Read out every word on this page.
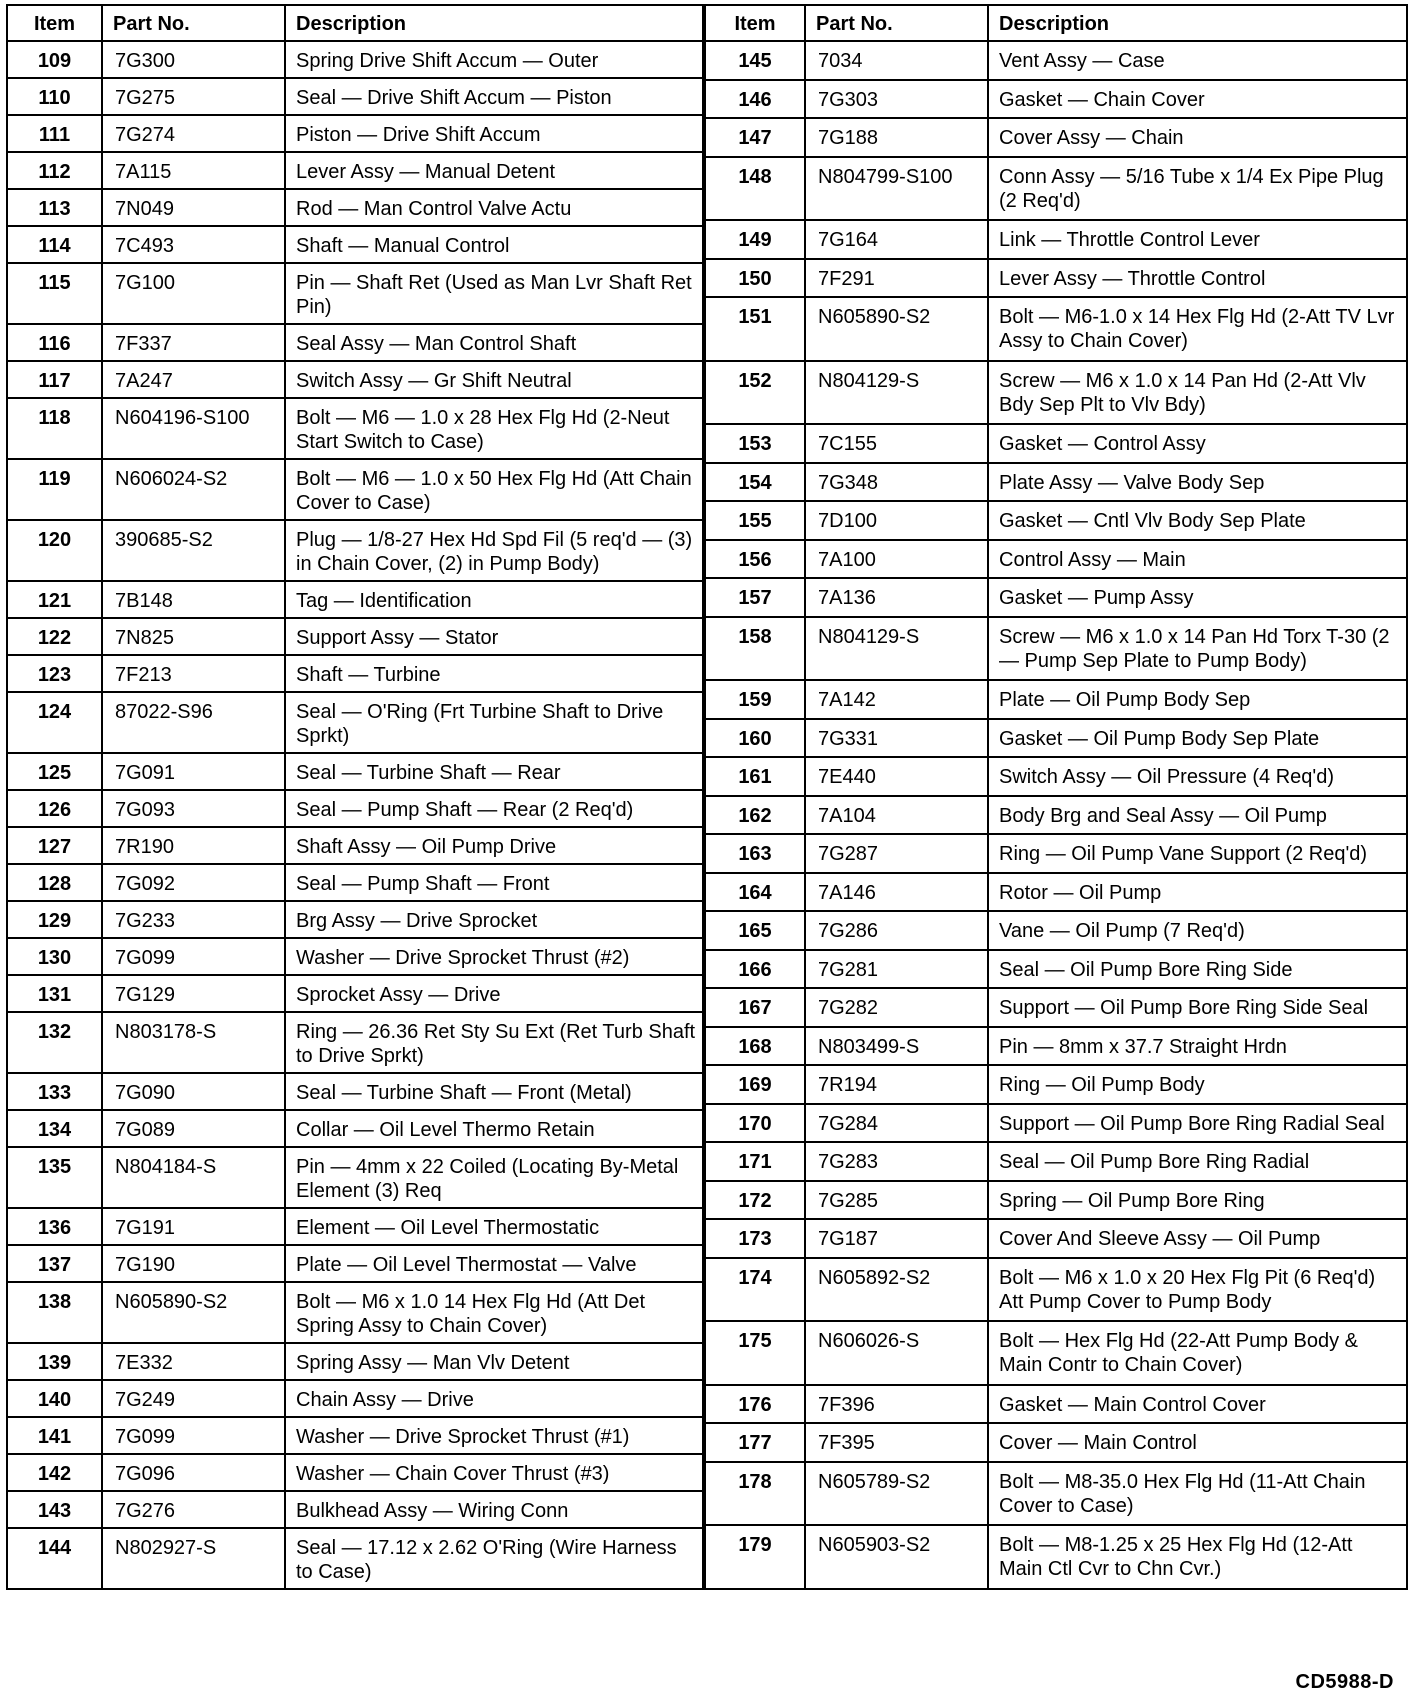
Item	Part No.	Description
109	7G300	Spring Drive Shift Accum — Outer
110	7G275	Seal — Drive Shift Accum — Piston
111	7G274	Piston — Drive Shift Accum
112	7A115	Lever Assy — Manual Detent
113	7N049	Rod — Man Control Valve Actu
114	7C493	Shaft — Manual Control
115	7G100	Pin — Shaft Ret (Used as Man Lvr Shaft Ret Pin)
116	7F337	Seal Assy — Man Control Shaft
117	7A247	Switch Assy — Gr Shift Neutral
118	N604196-S100	Bolt — M6 — 1.0 x 28 Hex Flg Hd (2-Neut Start Switch to Case)
119	N606024-S2	Bolt — M6 — 1.0 x 50 Hex Flg Hd (Att Chain Cover to Case)
120	390685-S2	Plug — 1/8-27 Hex Hd Spd Fil (5 req'd — (3) in Chain Cover, (2) in Pump Body)
121	7B148	Tag — Identification
122	7N825	Support Assy — Stator
123	7F213	Shaft — Turbine
124	87022-S96	Seal — O'Ring (Frt Turbine Shaft to Drive Sprkt)
125	7G091	Seal — Turbine Shaft — Rear
126	7G093	Seal — Pump Shaft — Rear (2 Req'd)
127	7R190	Shaft Assy — Oil Pump Drive
128	7G092	Seal — Pump Shaft — Front
129	7G233	Brg Assy — Drive Sprocket
130	7G099	Washer — Drive Sprocket Thrust (#2)
131	7G129	Sprocket Assy — Drive
132	N803178-S	Ring — 26.36 Ret Sty Su Ext (Ret Turb Shaft to Drive Sprkt)
133	7G090	Seal — Turbine Shaft — Front (Metal)
134	7G089	Collar — Oil Level Thermo Retain
135	N804184-S	Pin — 4mm x 22 Coiled (Locating By-Metal Element (3) Req
136	7G191	Element — Oil Level Thermostatic
137	7G190	Plate — Oil Level Thermostat — Valve
138	N605890-S2	Bolt — M6 x 1.0 14 Hex Flg Hd (Att Det Spring Assy to Chain Cover)
139	7E332	Spring Assy — Man Vlv Detent
140	7G249	Chain Assy — Drive
141	7G099	Washer — Drive Sprocket Thrust (#1)
142	7G096	Washer — Chain Cover Thrust (#3)
143	7G276	Bulkhead Assy — Wiring Conn
144	N802927-S	Seal — 17.12 x 2.62 O'Ring (Wire Harness to Case)
Item	Part No.	Description
145	7034	Vent Assy — Case
146	7G303	Gasket — Chain Cover
147	7G188	Cover Assy — Chain
148	N804799-S100	Conn Assy — 5/16 Tube x 1/4 Ex Pipe Plug (2 Req'd)
149	7G164	Link — Throttle Control Lever
150	7F291	Lever Assy — Throttle Control
151	N605890-S2	Bolt — M6-1.0 x 14 Hex Flg Hd (2-Att TV Lvr Assy to Chain Cover)
152	N804129-S	Screw — M6 x 1.0 x 14 Pan Hd (2-Att Vlv Bdy Sep Plt to Vlv Bdy)
153	7C155	Gasket — Control Assy
154	7G348	Plate Assy — Valve Body Sep
155	7D100	Gasket — Cntl Vlv Body Sep Plate
156	7A100	Control Assy — Main
157	7A136	Gasket — Pump Assy
158	N804129-S	Screw — M6 x 1.0 x 14 Pan Hd Torx T-30 (2 — Pump Sep Plate to Pump Body)
159	7A142	Plate — Oil Pump Body Sep
160	7G331	Gasket — Oil Pump Body Sep Plate
161	7E440	Switch Assy — Oil Pressure (4 Req'd)
162	7A104	Body Brg and Seal Assy — Oil Pump
163	7G287	Ring — Oil Pump Vane Support (2 Req'd)
164	7A146	Rotor — Oil Pump
165	7G286	Vane — Oil Pump (7 Req'd)
166	7G281	Seal — Oil Pump Bore Ring Side
167	7G282	Support — Oil Pump Bore Ring Side Seal
168	N803499-S	Pin — 8mm x 37.7 Straight Hrdn
169	7R194	Ring — Oil Pump Body
170	7G284	Support — Oil Pump Bore Ring Radial Seal
171	7G283	Seal — Oil Pump Bore Ring Radial
172	7G285	Spring — Oil Pump Bore Ring
173	7G187	Cover And Sleeve Assy — Oil Pump
174	N605892-S2	Bolt — M6 x 1.0 x 20 Hex Flg Pit (6 Req'd) Att Pump Cover to Pump Body
175	N606026-S	Bolt — Hex Flg Hd (22-Att Pump Body & Main Contr to Chain Cover)
176	7F396	Gasket — Main Control Cover
177	7F395	Cover — Main Control
178	N605789-S2	Bolt — M8-35.0 Hex Flg Hd (11-Att Chain Cover to Case)
179	N605903-S2	Bolt — M8-1.25 x 25 Hex Flg Hd (12-Att Main Ctl Cvr to Chn Cvr.)
CD5988-D
